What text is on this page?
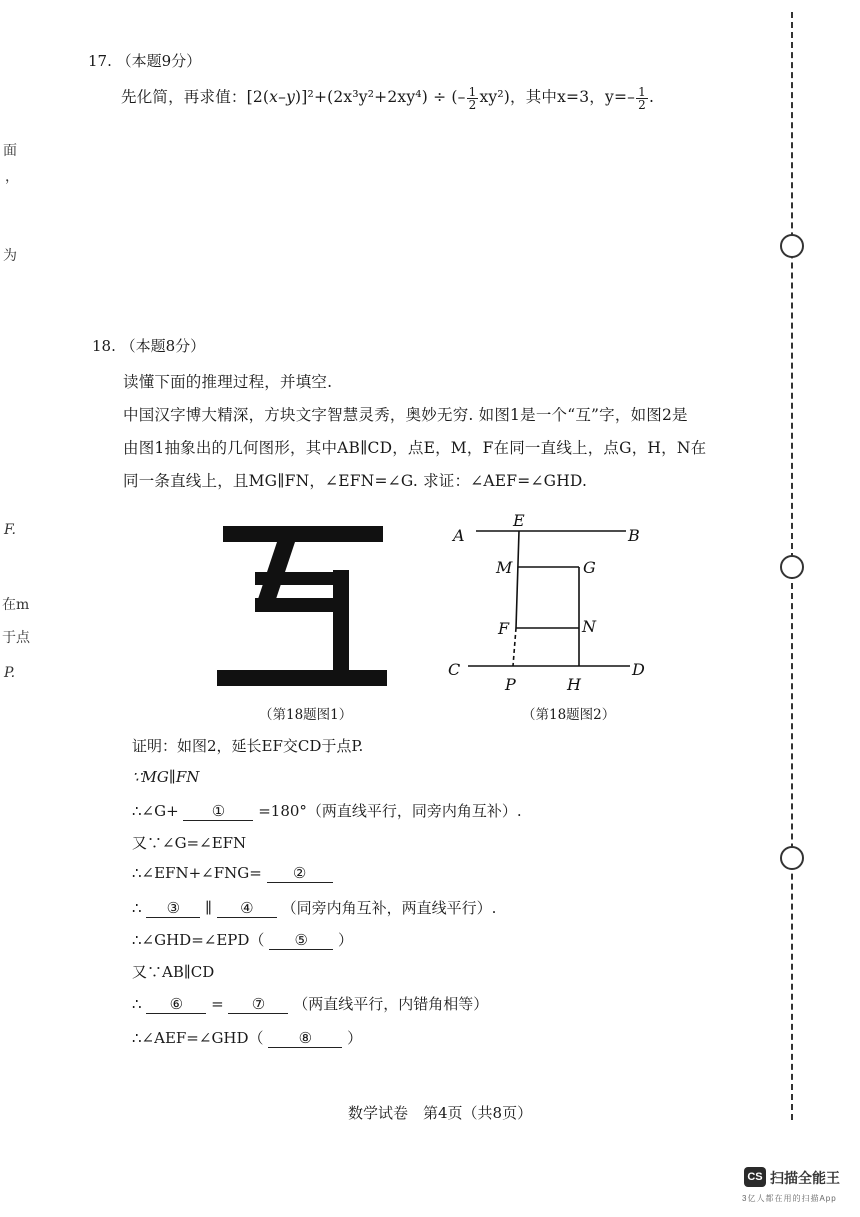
面
，
为
F.
在m
于点
P.
17. （本题9分）
先化简，再求值：[2(x–y)]²+(2x³y²+2xy⁴) ÷ (– $\frac{1}{2} xy^2$)，其中x=3，$y=- \frac{1}{2}$ .
18. （本题8分）
读懂下面的推理过程，并填空.
中国汉字博大精深，方块文字智慧灵秀，奥妙无穷. 如图1是一个“互”字，如图2是
由图1抽象出的几何图形，其中AB∥CD，点E，M，F在同一直线上，点G，H，N在
同一条直线上，且MG∥FN，∠EFN=∠G. 求证：∠AEF=∠GHD.
（第18题图1）
A	B
E
M	G
F	N
C	D
P	H
（第18题图2）
证明：如图2，延长EF交CD于点P.
∵MG∥FN
∴∠G+ ① =180°（两直线平行，同旁内角互补）.
又∵∠G=∠EFN
∴∠EFN+∠FNG= ②
∴ ③ ∥ ④ （同旁内角互补，两直线平行）.
∴∠GHD=∠EPD（ ⑤ ）
又∵AB∥CD
∴ ⑥ = ⑦ （两直线平行，内错角相等）
∴∠AEF=∠GHD（ ⑧ ）
数学试卷　第4页（共8页）
CS 扫描全能王
3亿人都在用的扫描App
